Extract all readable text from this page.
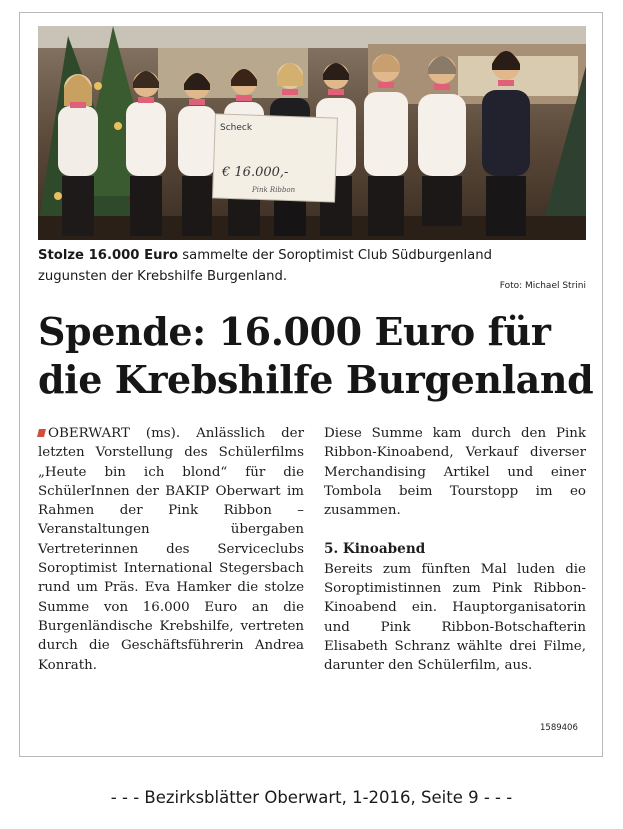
Scheck
€ 16.000,-
Pink Ribbon
Stolze 16.000 Euro sammelte der Soroptimist Club Südburgenland
zugunsten der Krebshilfe Burgenland.
Foto: Michael Strini
Spende: 16.000 Euro für
die Krebshilfe Burgenland

OBERWART (ms). Anlässlich der letzten Vorstellung des Schülerfilms „Heute bin ich blond“ für die SchülerInnen der BAKIP Oberwart im Rahmen der Pink Ribbon – Veranstaltungen übergaben Vertreterinnen des Serviceclubs Soroptimist International Stegersbach rund um Präs. Eva Hamker die stolze Summe von 16.000 Euro an die Burgenländische Krebshilfe, vertreten durch die Geschäftsführerin Andrea Konrath.

Diese Summe kam durch den Pink Ribbon-Kinoabend, Verkauf diverser Merchandising Artikel und einer Tombola beim Tourstopp im eo zusammen.

5. Kinoabend

Bereits zum fünften Mal luden die Soroptimistinnen zum Pink Ribbon-Kinoabend ein. Hauptorganisatorin und Pink Ribbon-Botschafterin Elisabeth Schranz wählte drei Filme, darunter den Schülerfilm, aus.

1589406
- - - Bezirksblätter Oberwart, 1-2016, Seite 9 - - -
